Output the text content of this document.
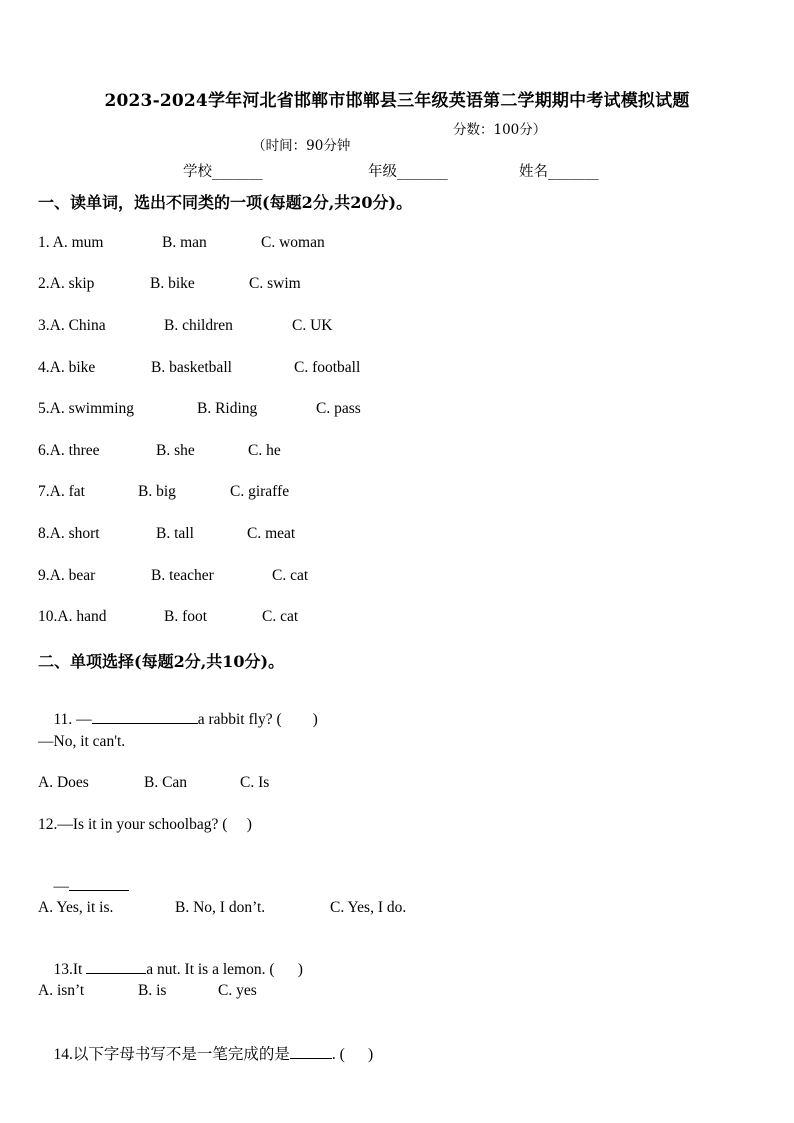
2023-2024学年河北省邯郸市邯郸县三年级英语第二学期期中考试模拟试题

（时间：90分钟

分数：100分）

学校_______	年级_______	姓名_______
一、读单词，选出不同类的一项(每题2分,共20分)。

1. A. mum

	B. man

	C. woman

2.A. skip

	B. bike

	C. swim

3.A. China

	B. children

	C. UK

4.A. bike

	B. basketball

	C. football

5.A. swimming

	B. Riding

	C. pass

6.A. three

	B. she

	C. he

7.A. fat

	B. big

	C. giraffe

8.A. short

	B. tall

	C. meat

9.A. bear

	B. teacher

	C. cat

10.A. hand

	B. foot

	C. cat

二、单项选择(每题2分,共10分)。

11. —	a rabbit fly? (        )

—No, it can't.

A. Does

	B. Can

	C. Is

12.—Is it in your schoolbag? (     )

—

A. Yes, it is.

	B. No, I don’t.

	C. Yes, I do.

13.It	a nut. It is a lemon. (      )

A. isn’t

	B. is

	C. yes

14.以下字母书写不是一笔完成的是	. (      )
